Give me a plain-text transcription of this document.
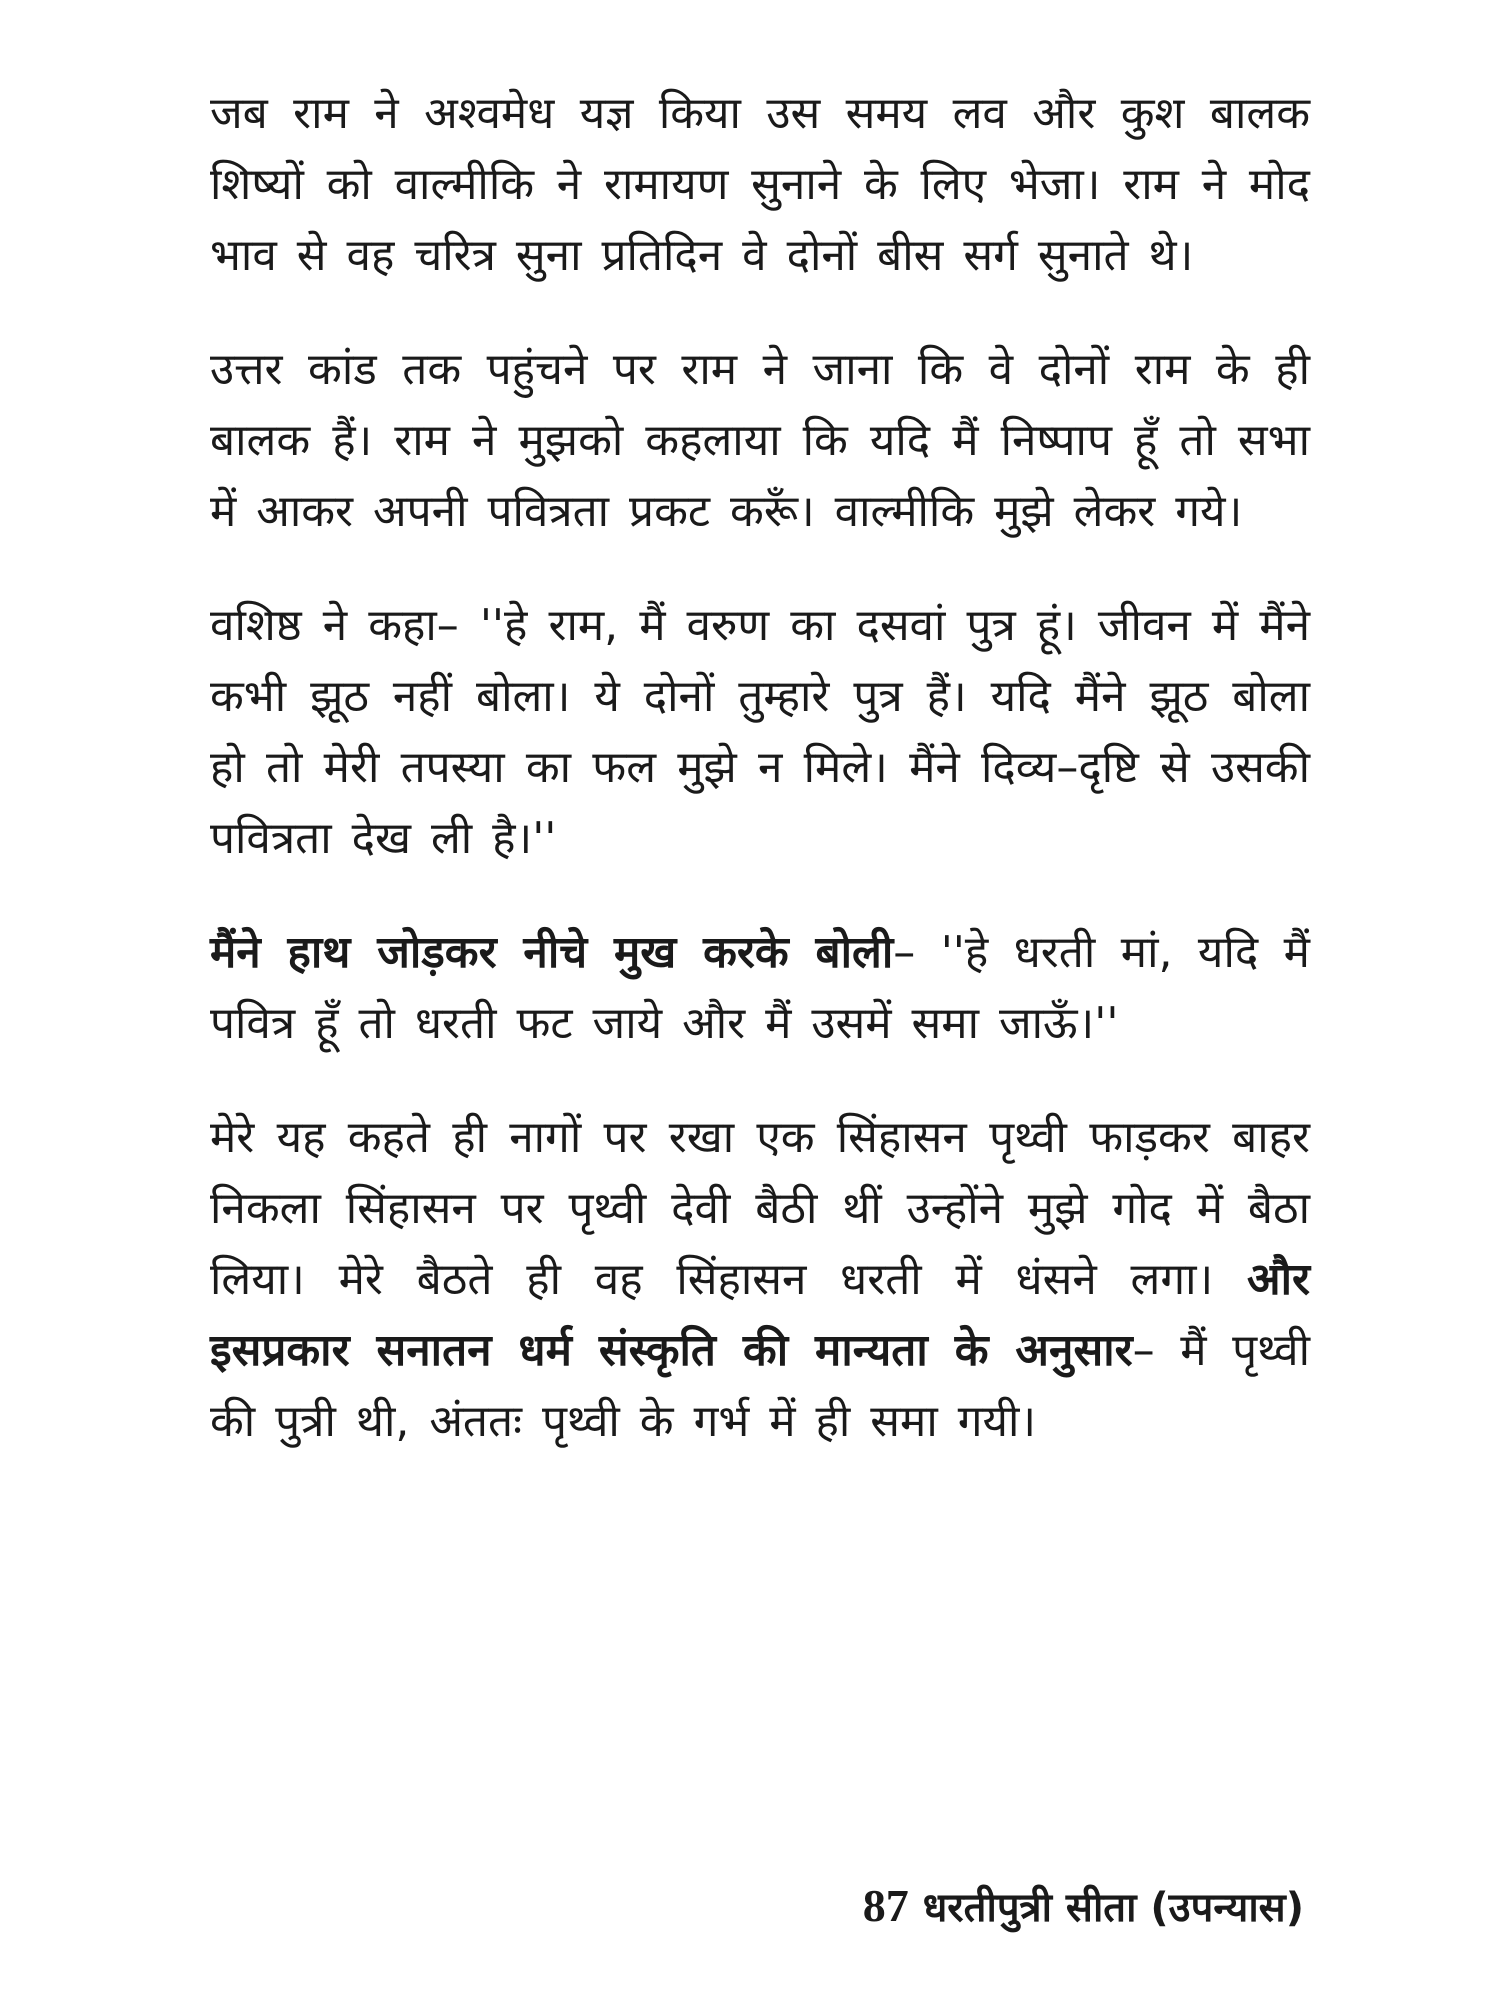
जब राम ने अश्वमेध यज्ञ किया उस समय लव और कुश बालक शिष्यों को वाल्मीकि ने रामायण सुनाने के लिए भेजा। राम ने मोद भाव से वह चरित्र सुना प्रतिदिन वे दोनों बीस सर्ग सुनाते थे।

उत्तर कांड तक पहुंचने पर राम ने जाना कि वे दोनों राम के ही बालक हैं। राम ने मुझको कहलाया कि यदि मैं निष्पाप हूँ तो सभा में आकर अपनी पवित्रता प्रकट करूँ। वाल्मीकि मुझे लेकर गये।

वशिष्ठ ने कहा– ''हे राम, मैं वरुण का दसवां पुत्र हूं। जीवन में मैंने कभी झूठ नहीं बोला। ये दोनों तुम्हारे पुत्र हैं। यदि मैंने झूठ बोला हो तो मेरी तपस्या का फल मुझे न मिले। मैंने दिव्य–दृष्टि से उसकी पवित्रता देख ली है।''

मैंने हाथ जोड़कर नीचे मुख करके बोली– ''हे धरती मां, यदि मैं पवित्र हूँ तो धरती फट जाये और मैं उसमें समा जाऊँ।''

मेरे यह कहते ही नागों पर रखा एक सिंहासन पृथ्वी फाड़कर बाहर निकला सिंहासन पर पृथ्वी देवी बैठी थीं उन्होंने मुझे गोद में बैठा लिया। मेरे बैठते ही वह सिंहासन धरती में धंसने लगा। और इसप्रकार सनातन धर्म संस्कृति की मान्यता के अनुसार– मैं पृथ्वी की पुत्री थी, अंततः पृथ्वी के गर्भ में ही समा गयी।

87 धरतीपुत्री सीता (उपन्यास)
